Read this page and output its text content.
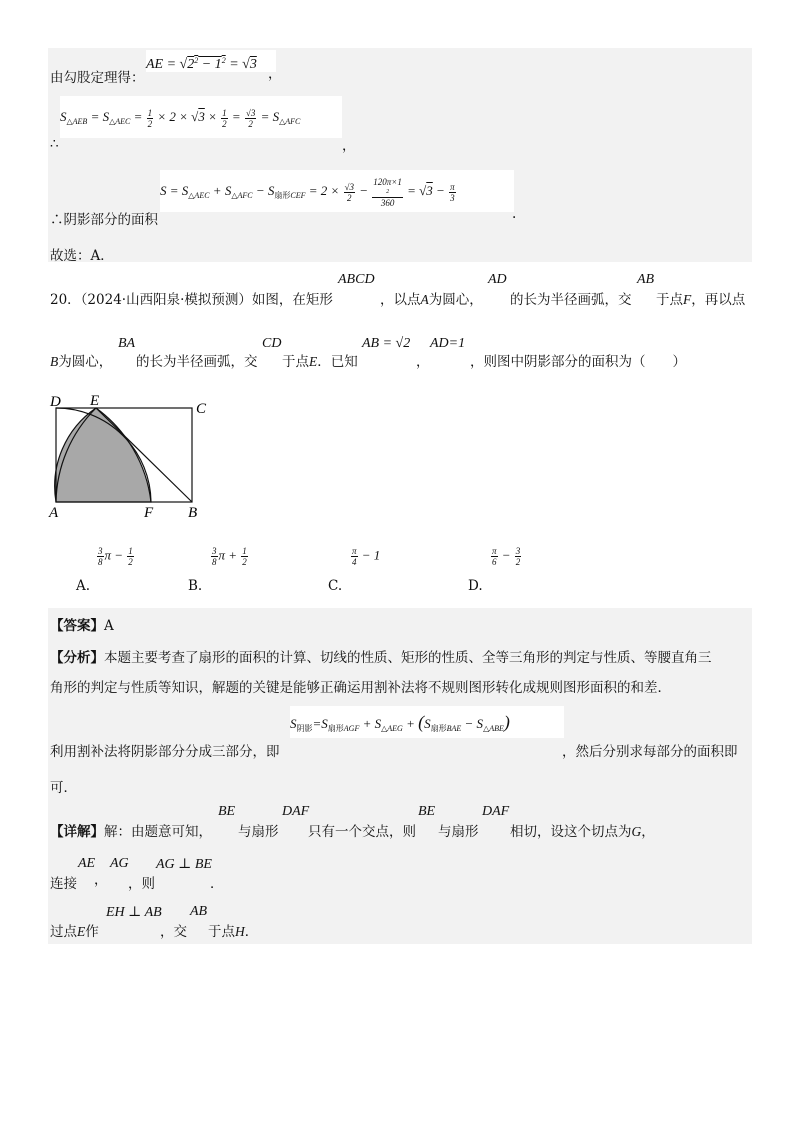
AE = $√2^2 - 1^2 = √3$
由勾股定理得：	，
$S_{\triangle AEB} = S_{\triangle AEC} = \frac{1}{2} \times 2 \times √3 \times \frac{1}{2} = \frac{√3}{2} = S_{\triangle AFC}$
∴	，
$S = S_{\triangle AEC} + S_{\triangle AFC} - S_{扇形CEF} = 2 \times \frac{√3}{2} - 120\pi\times 1$
2
$360 = √3 - \frac{\pi}{3}$
∴阴影部分的面积	.
故选：A．
20．（2024·山西阳泉·模拟预测）如图，在矩形
ABCD
，以点A为圆心，
AD
的长为半径画弧，交
AB
于点F，再以点
B为圆心，
BA
的长为半径画弧，交
CD
于点E．已知
AB = √2
，
AD=1
，则图中阴影部分的面积为（　　）
D E	C
A	F B
$\frac{3}{8}$ $\pi - \frac{1}{2}$
A.
$\frac{3}{8}$ $\pi + \frac{1}{2}$
B.
$\frac{\pi}{4} - 1$
C.
$\frac{\pi}{6} - \frac{3}{2}$
D.
【答案】A
【分析】本题主要考查了扇形的面积的计算、切线的性质、矩形的性质、全等三角形的判定与性质、等腰直角三
角形的判定与性质等知识，解题的关键是能够正确运用割补法将不规则图形转化成规则图形面积的和差．
$S_{阴影}=S_{扇形AGF} + S_{\triangle AEG} + (S_{扇形BAE} - S_{\triangle ABE})$
利用割补法将阴影部分分成三部分，即	，然后分别求每部分的面积即
可．
【详解】解：由题意可知，
BE
与扇形
DAF
只有一个交点，则
BE
与扇形
DAF
相切，设这个切点为G，
连接
AE
，
AG
，则
AG ⊥ BE
．
过点E作
EH ⊥ AB
，交
AB
于点H．
